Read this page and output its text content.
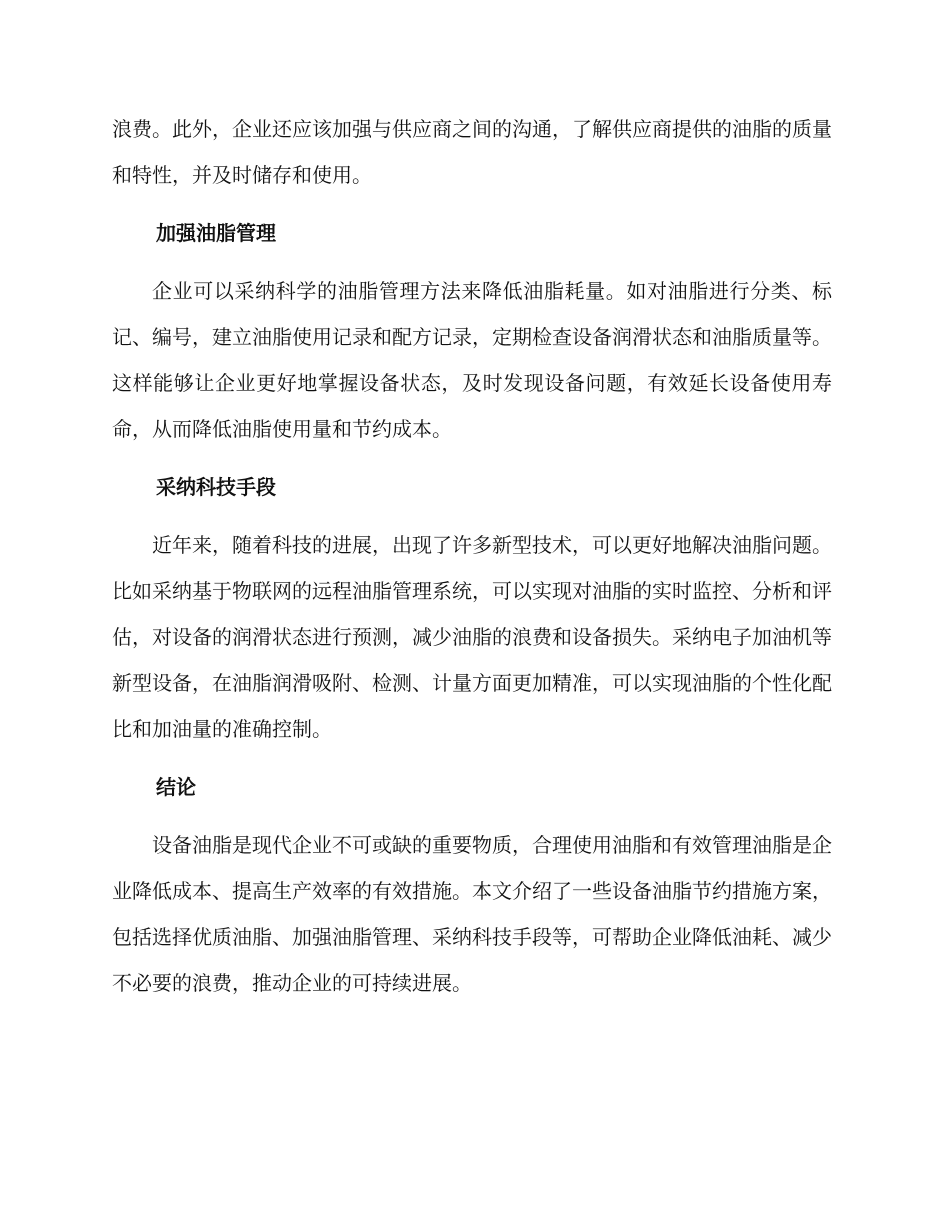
浪费。此外，企业还应该加强与供应商之间的沟通，了解供应商提供的油脂的质量和特性，并及时储存和使用。

加强油脂管理

企业可以采纳科学的油脂管理方法来降低油脂耗量。如对油脂进行分类、标记、编号，建立油脂使用记录和配方记录，定期检查设备润滑状态和油脂质量等。这样能够让企业更好地掌握设备状态，及时发现设备问题，有效延长设备使用寿命，从而降低油脂使用量和节约成本。

采纳科技手段

近年来，随着科技的进展，出现了许多新型技术，可以更好地解决油脂问题。比如采纳基于物联网的远程油脂管理系统，可以实现对油脂的实时监控、分析和评估，对设备的润滑状态进行预测，减少油脂的浪费和设备损失。采纳电子加油机等新型设备，在油脂润滑吸附、检测、计量方面更加精准，可以实现油脂的个性化配比和加油量的准确控制。

结论

设备油脂是现代企业不可或缺的重要物质，合理使用油脂和有效管理油脂是企业降低成本、提高生产效率的有效措施。本文介绍了一些设备油脂节约措施方案，包括选择优质油脂、加强油脂管理、采纳科技手段等，可帮助企业降低油耗、减少不必要的浪费，推动企业的可持续进展。
